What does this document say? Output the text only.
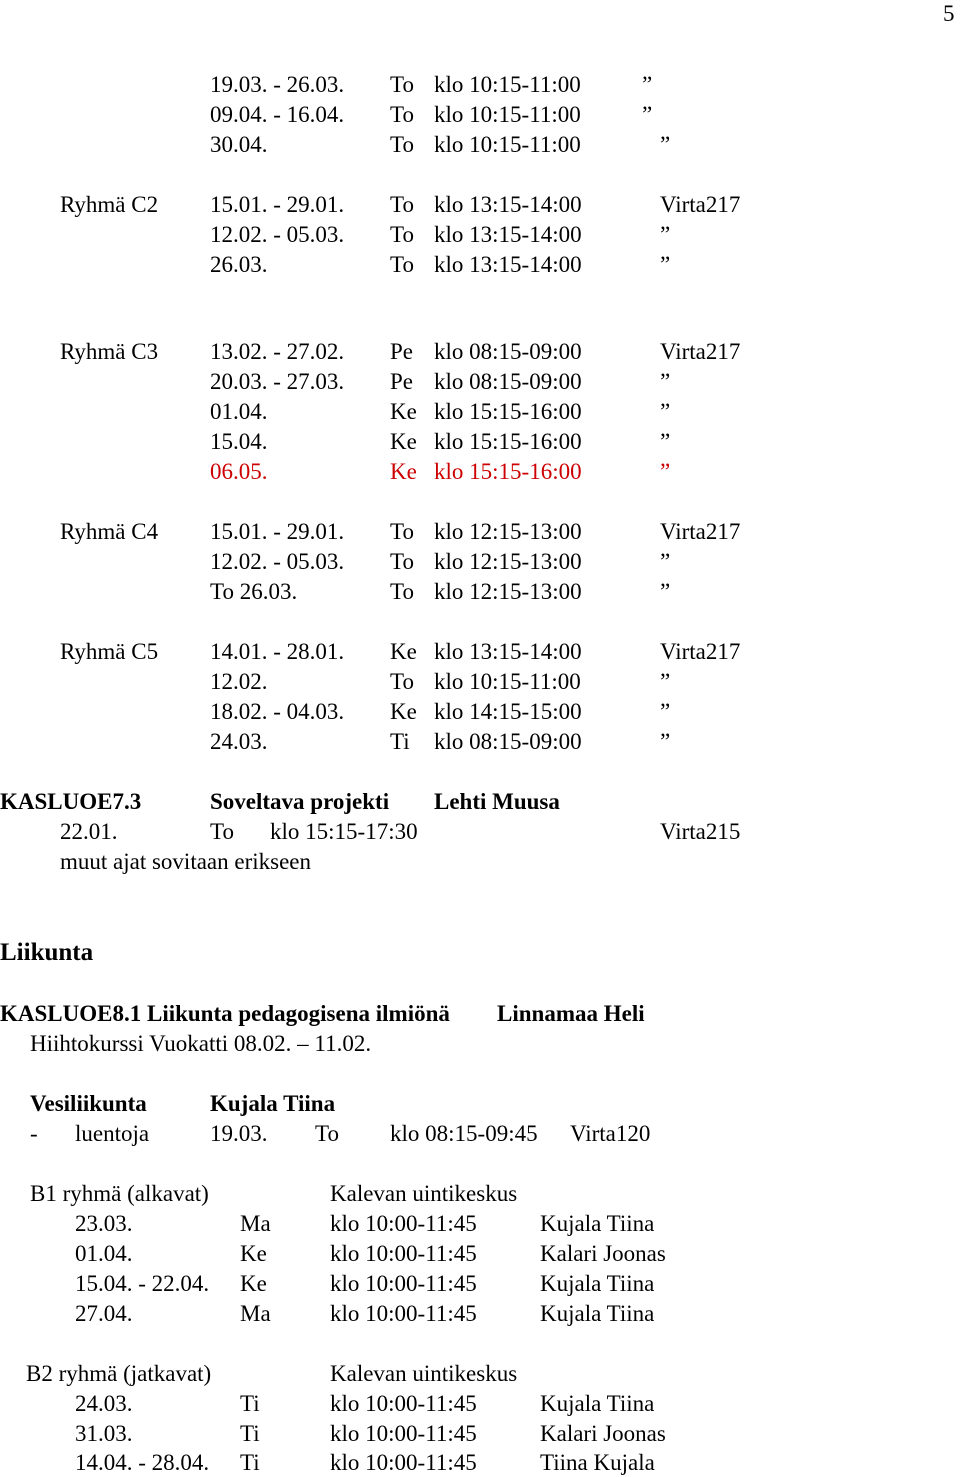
5
19.03. - 26.03. To klo 10:15-11:00	”
09.04. - 16.04. To klo 10:15-11:00	”
30.04.	To klo 10:15-11:00	”
Ryhmä C2 15.01. - 29.01. To klo 13:15-14:00	Virta217
12.02. - 05.03. To klo 13:15-14:00	”
26.03.	To klo 13:15-14:00	”
Ryhmä C3 13.02. - 27.02. Pe klo 08:15-09:00	Virta217
20.03. - 27.03. Pe klo 08:15-09:00	”
01.04.	Ke klo 15:15-16:00	”
15.04.	Ke klo 15:15-16:00	”
06.05.	Ke klo 15:15-16:00	”
Ryhmä C4 15.01. - 29.01. To klo 12:15-13:00	Virta217
12.02. - 05.03. To klo 12:15-13:00	”
To 26.03.	To klo 12:15-13:00	”
Ryhmä C5 14.01. - 28.01. Ke klo 13:15-14:00	Virta217
12.02.	To klo 10:15-11:00	”
18.02. - 04.03. Ke klo 14:15-15:00	”
24.03.	Ti klo 08:15-09:00	”
KASLUOE7.3	Soveltava projekti Lehti Muusa
22.01.	To klo 15:15-17:30	Virta215
muut ajat sovitaan erikseen
Liikunta
KASLUOE8.1 Liikunta pedagogisena ilmiönä Linnamaa Heli
Hiihtokurssi Vuokatti 08.02. – 11.02.
Vesiliikunta	Kujala Tiina
- luentoja	19.03. To klo 08:15-09:45 Virta120
B1 ryhmä (alkavat)	Kalevan uintikeskus
23.03.	Ma	klo 10:00-11:45	Kujala Tiina
01.04.	Ke	klo 10:00-11:45	Kalari Joonas
15.04. - 22.04. Ke	klo 10:00-11:45	Kujala Tiina
27.04.	Ma	klo 10:00-11:45	Kujala Tiina
B2 ryhmä (jatkavat)	Kalevan uintikeskus
24.03.	Ti	klo 10:00-11:45	Kujala Tiina
31.03.	Ti	klo 10:00-11:45	Kalari Joonas
14.04. - 28.04. Ti	klo 10:00-11:45	Tiina Kujala
